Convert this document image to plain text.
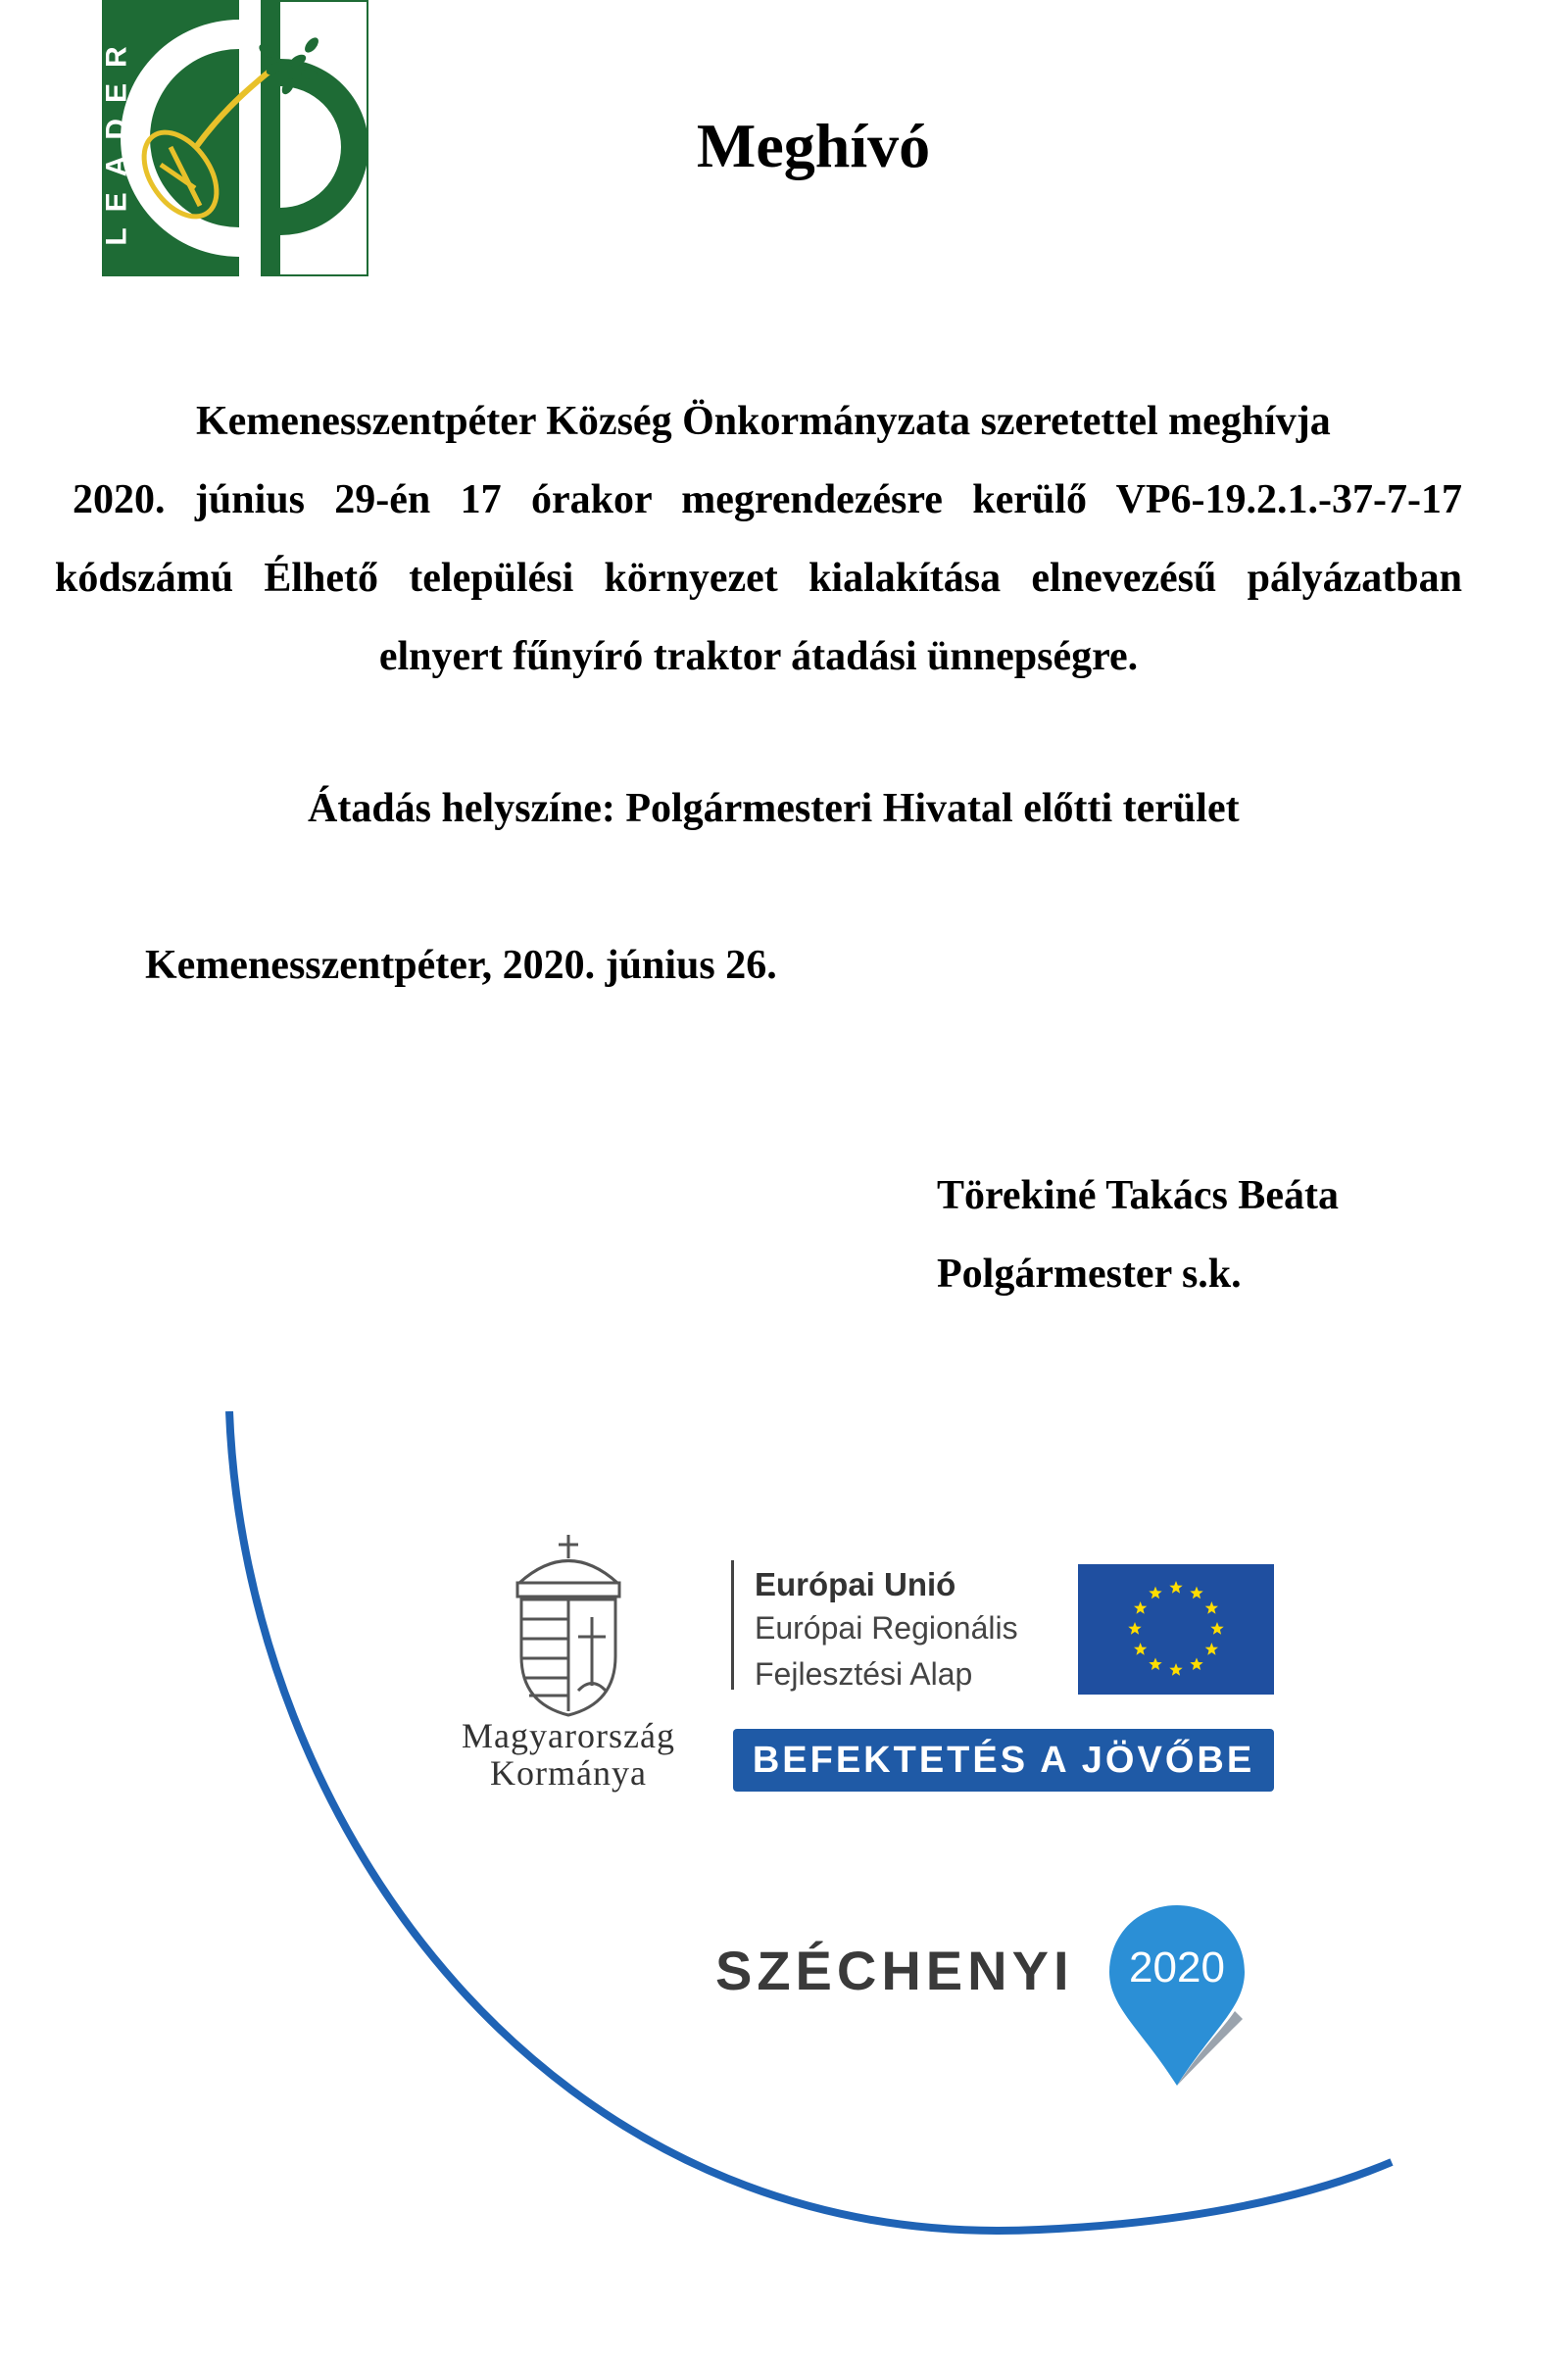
LEADER	Meghívó
Kemenesszentpéter Község Önkormányzata szeretettel meghívja
2020. június 29-én 17 órakor megrendezésre kerülő VP6-19.2.1.-37-7-17
kódszámú Élhető települési környezet kialakítása elnevezésű pályázatban
elnyert fűnyíró traktor átadási ünnepségre.
Átadás helyszíne: Polgármesteri Hivatal előtti terület
Kemenesszentpéter, 2020. június 26.
Törekiné Takács Beáta
Polgármester s.k.
Magyarország
Kormánya
Európai Unió
Európai Regionális
Fejlesztési Alap
BEFEKTETÉS A JÖVŐBE
SZÉCHENYI 2020
